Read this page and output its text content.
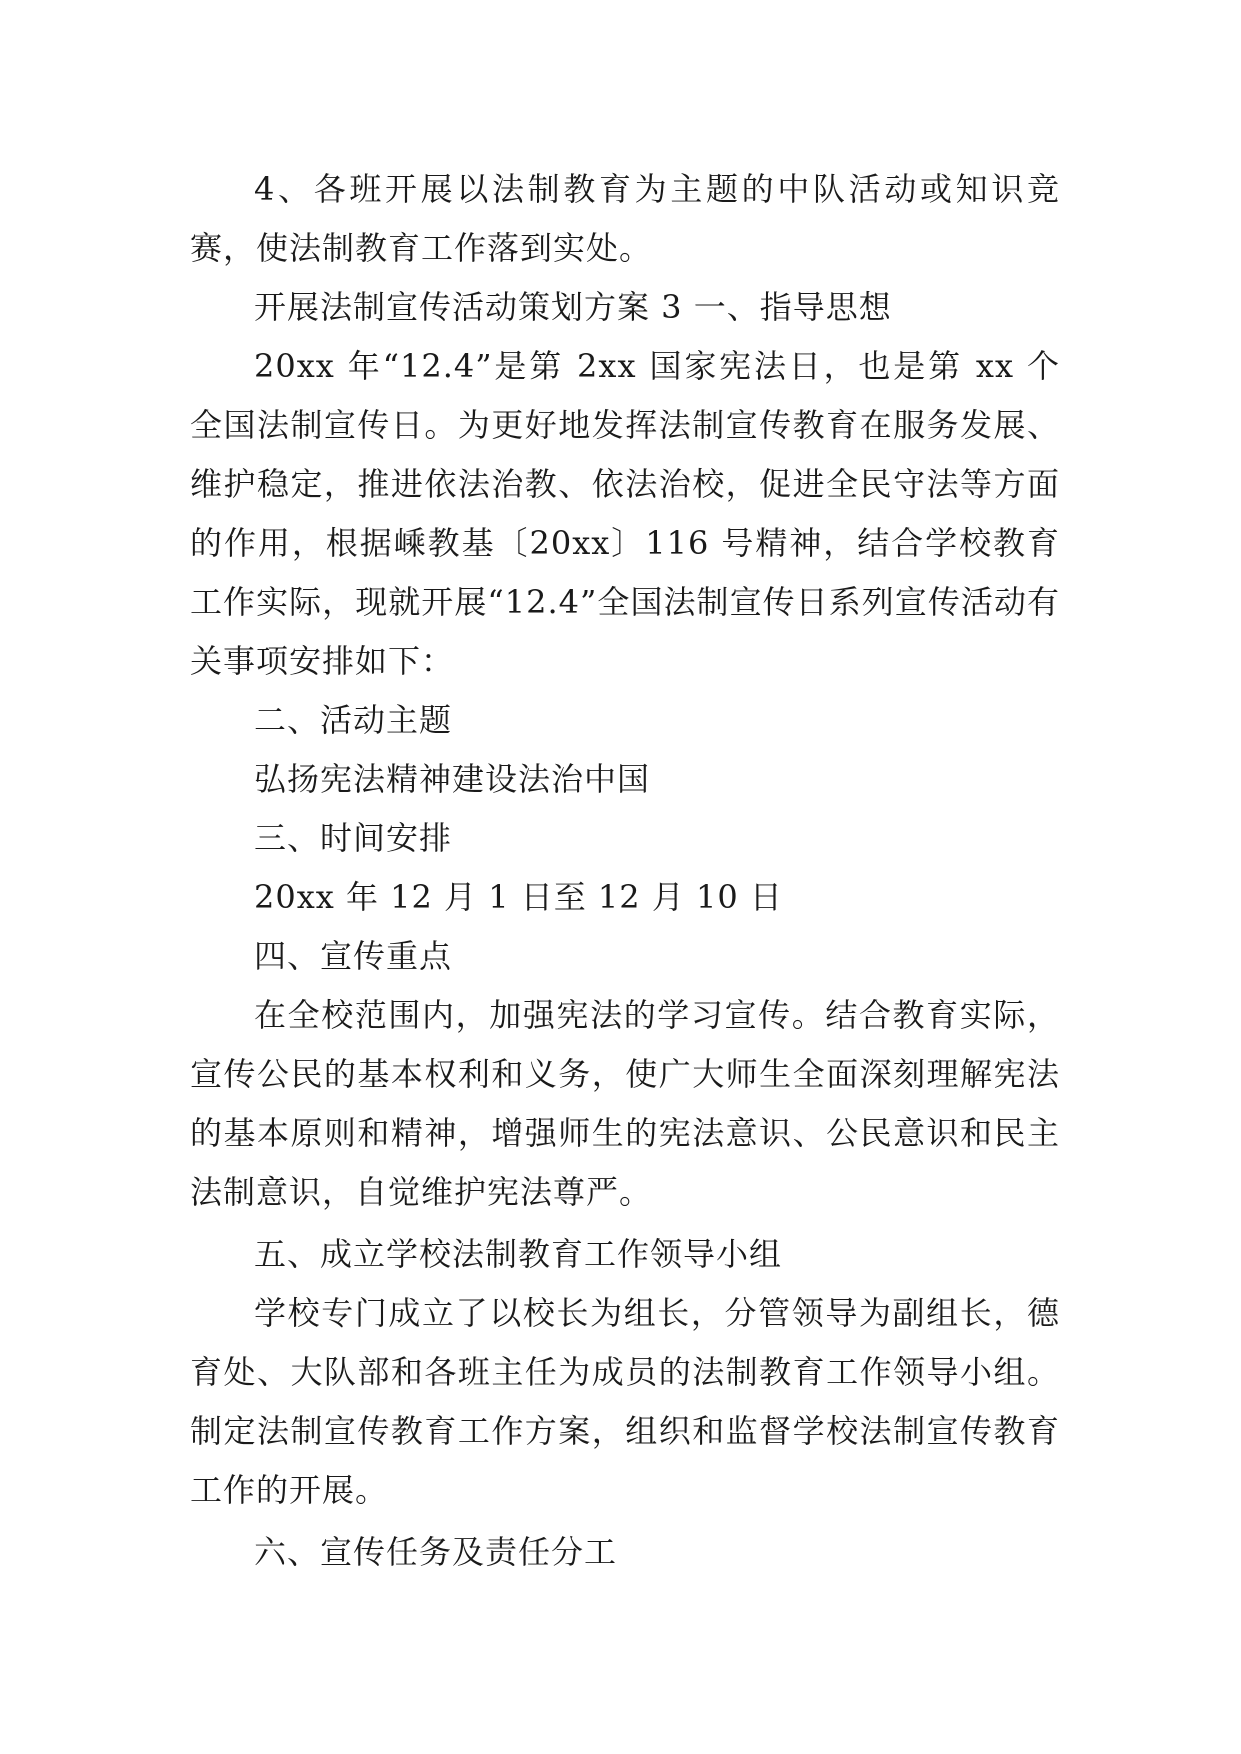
4、各班开展以法制教育为主题的中队活动或知识竞赛，使法制教育工作落到实处。

开展法制宣传活动策划方案 3 一、指导思想

20xx 年“12.4”是第 2xx 国家宪法日，也是第 xx 个全国法制宣传日。为更好地发挥法制宣传教育在服务发展、维护稳定，推进依法治教、依法治校，促进全民守法等方面的作用，根据嵊教基〔20xx〕116 号精神，结合学校教育工作实际，现就开展“12.4”全国法制宣传日系列宣传活动有关事项安排如下：

二、活动主题

弘扬宪法精神建设法治中国

三、时间安排

20xx 年 12 月 1 日至 12 月 10 日

四、宣传重点

在全校范围内，加强宪法的学习宣传。结合教育实际，宣传公民的基本权利和义务，使广大师生全面深刻理解宪法的基本原则和精神，增强师生的宪法意识、公民意识和民主法制意识，自觉维护宪法尊严。

五、成立学校法制教育工作领导小组

学校专门成立了以校长为组长，分管领导为副组长，德育处、大队部和各班主任为成员的法制教育工作领导小组。制定法制宣传教育工作方案，组织和监督学校法制宣传教育工作的开展。

六、宣传任务及责任分工
